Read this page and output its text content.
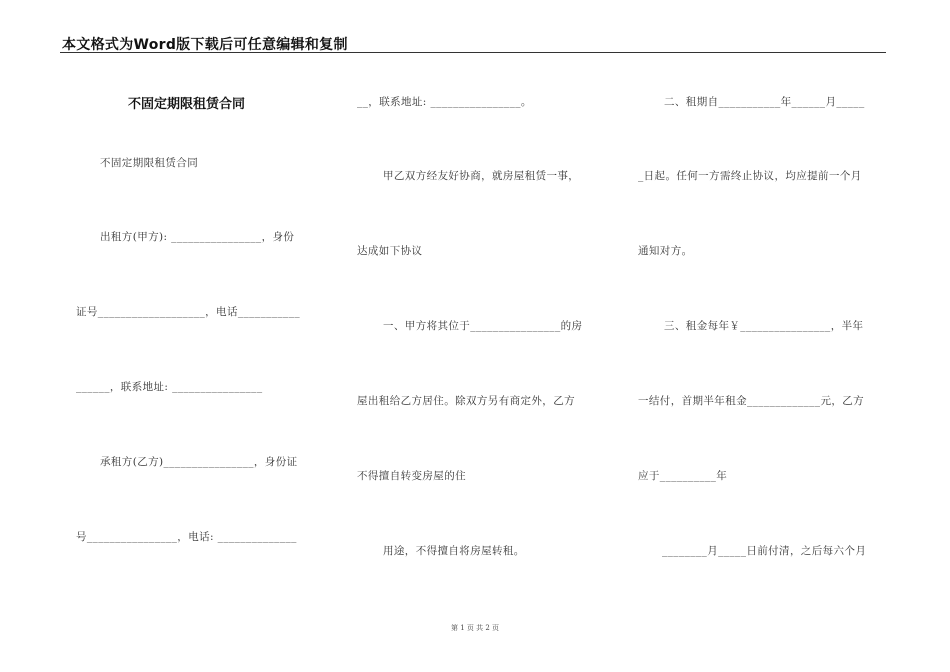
本文格式为Word版下载后可任意编辑和复制
不固定期限租赁合同
不固定期限租赁合同
出租方(甲方): ________________，身份
证号___________________，电话___________
______，联系地址: ________________
承租方(乙方)________________，身份证
号________________，电话: ______________
__，联系地址: ________________。
甲乙双方经友好协商，就房屋租赁一事，
达成如下协议
一、甲方将其位于________________的房
屋出租给乙方居住。除双方另有商定外，乙方
不得擅自转变房屋的住
用途，不得擅自将房屋转租。
二、租期自___________年______月_____
_日起。任何一方需终止协议，均应提前一个月
通知对方。
三、租金每年￥________________，半年
一结付，首期半年租金_____________元，乙方
应于__________年
________月_____日前付清，之后每六个月
第 1 页 共 2 页
